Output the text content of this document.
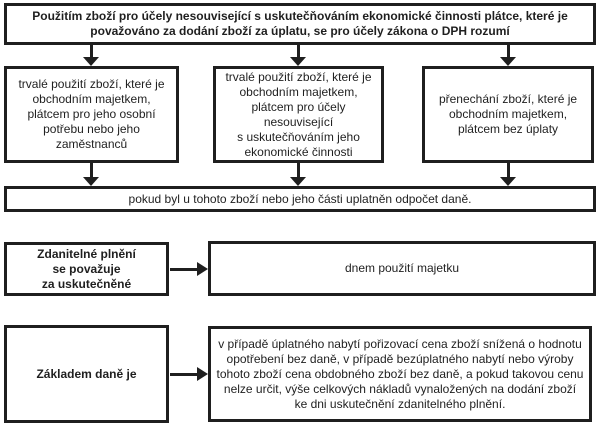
Použitím zboží pro účely nesouvisející s uskutečňováním ekonomické činnosti plátce, které je považováno za dodání zboží za úplatu, se pro účely zákona o DPH rozumí
trvalé použití zboží, které je obchodním majetkem, plátcem pro jeho osobní potřebu nebo jeho zaměstnanců
trvalé použití zboží, které je obchodním majetkem, plátcem pro účely nesouvisející s uskutečňováním jeho ekonomické činnosti
přenechání zboží, které je obchodním majetkem, plátcem bez úplaty
pokud byl u tohoto zboží nebo jeho části uplatněn odpočet daně.
Zdanitelné plnění
se považuje
za uskutečněné
dnem použití majetku
Základem daně je
v případě úplatného nabytí pořizovací cena zboží snížená o hodnotu opotřebení bez daně, v případě bezúplatného nabytí nebo výroby tohoto zboží cena obdobného zboží bez daně, a pokud takovou cenu nelze určit, výše celkových nákladů vynaložených na dodání zboží ke dni uskutečnění zdanitelného plnění.
